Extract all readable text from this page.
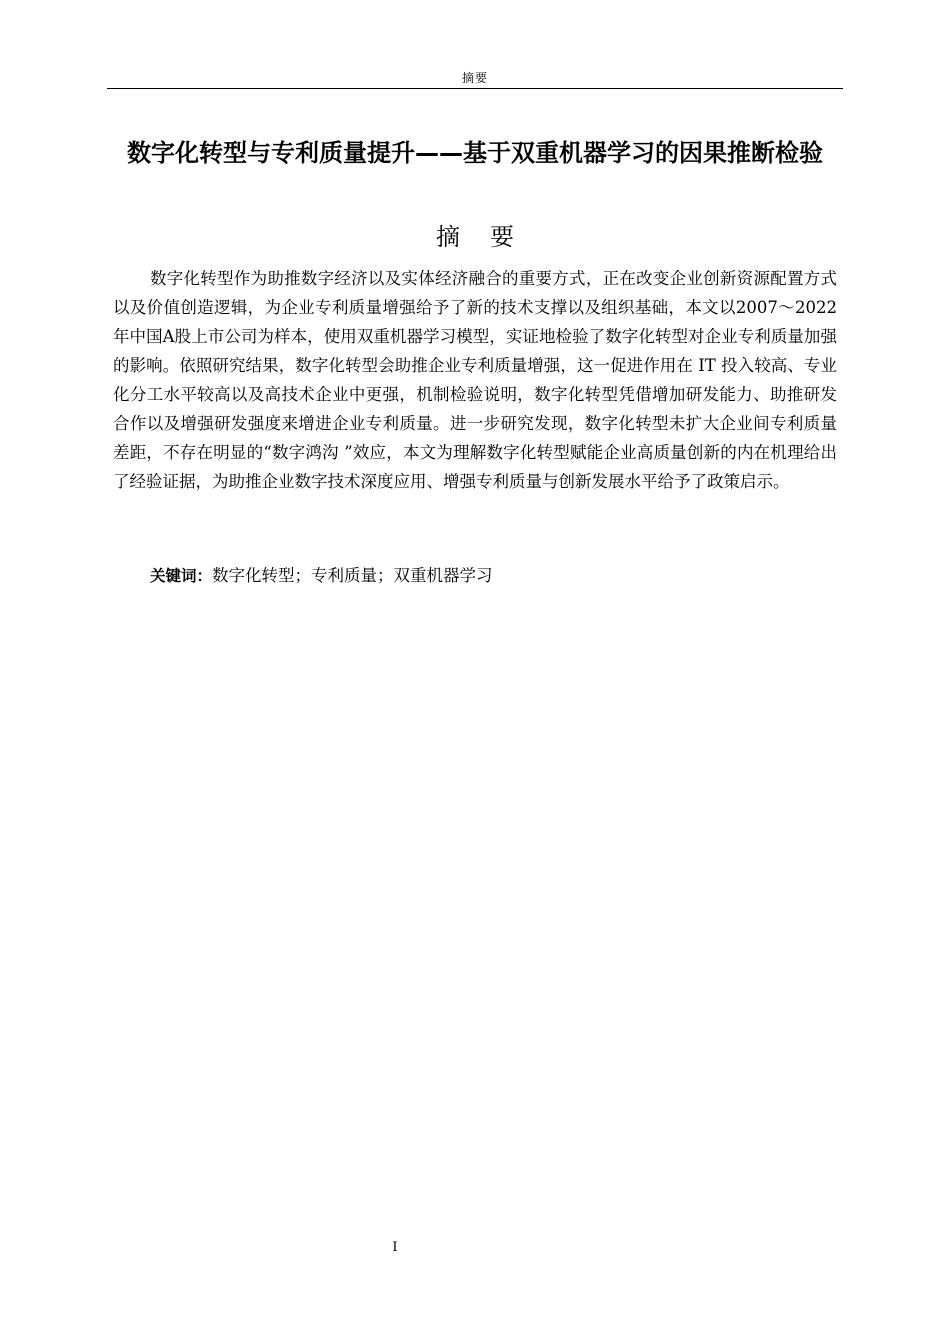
摘要
数字化转型与专利质量提升——基于双重机器学习的因果推断检验
摘要

数字化转型作为助推数字经济以及实体经济融合的重要方式，正在改变企业创新资源配置方式以及价值创造逻辑，为企业专利质量增强给予了新的技术支撑以及组织基础，本文以2007～2022年中国A股上市公司为样本，使用双重机器学习模型，实证地检验了数字化转型对企业专利质量加强的影响。依照研究结果，数字化转型会助推企业专利质量增强，这一促进作用在 IT 投入较高、专业化分工水平较高以及高技术企业中更强，机制检验说明，数字化转型凭借增加研发能力、助推研发合作以及增强研发强度来增进企业专利质量。进一步研究发现，数字化转型未扩大企业间专利质量差距，不存在明显的“数字鸿沟 ”效应，本文为理解数字化转型赋能企业高质量创新的内在机理给出了经验证据，为助推企业数字技术深度应用、增强专利质量与创新发展水平给予了政策启示。

关键词：数字化转型；专利质量；双重机器学习

I
